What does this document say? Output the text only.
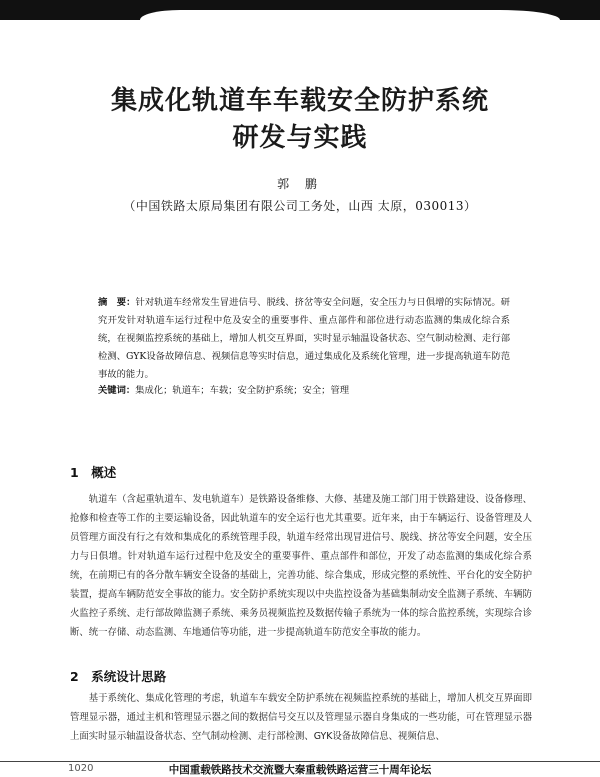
集成化轨道车车载安全防护系统
研发与实践
郭 鹏
（中国铁路太原局集团有限公司工务处，山西 太原，030013）

摘　要：针对轨道车经常发生冒进信号、脱线、挤岔等安全问题，安全压力与日俱增的实际情况。研究开发针对轨道车运行过程中危及安全的重要事件、重点部件和部位进行动态监测的集成化综合系统，在视频监控系统的基础上，增加人机交互界面，实时显示轴温设备状态、空气制动检测、走行部检测、GYK设备故障信息、视频信息等实时信息，通过集成化及系统化管理，进一步提高轨道车防范事故的能力。

关键词：集成化；轨道车；车载；安全防护系统；安全；管理

1　概述

轨道车（含起重轨道车、发电轨道车）是铁路设备维修、大修、基建及施工部门用于铁路建设、设备修理、抢修和检查等工作的主要运输设备，因此轨道车的安全运行也尤其重要。近年来，由于车辆运行、设备管理及人员管理方面没有行之有效和集成化的系统管理手段，轨道车经常出现冒进信号、脱线、挤岔等安全问题，安全压力与日俱增。针对轨道车运行过程中危及安全的重要事件、重点部件和部位，开发了动态监测的集成化综合系统，在前期已有的各分散车辆安全设备的基础上，完善功能、综合集成，形成完整的系统性、平台化的安全防护装置，提高车辆防范安全事故的能力。安全防护系统实现以中央监控设备为基础集制动安全监测子系统、车辆防火监控子系统、走行部故障监测子系统、乘务员视频监控及数据传输子系统为一体的综合监控系统，实现综合诊断、统一存储、动态监测、车地通信等功能，进一步提高轨道车防范安全事故的能力。

2　系统设计思路

基于系统化、集成化管理的考虑，轨道车车载安全防护系统在视频监控系统的基础上，增加人机交互界面即管理显示器，通过主机和管理显示器之间的数据信号交互以及管理显示器自身集成的一些功能，可在管理显示器上面实时显示轴温设备状态、空气制动检测、走行部检测、GYK设备故障信息、视频信息、

1020	中国重载铁路技术交流暨大秦重载铁路运营三十周年论坛
